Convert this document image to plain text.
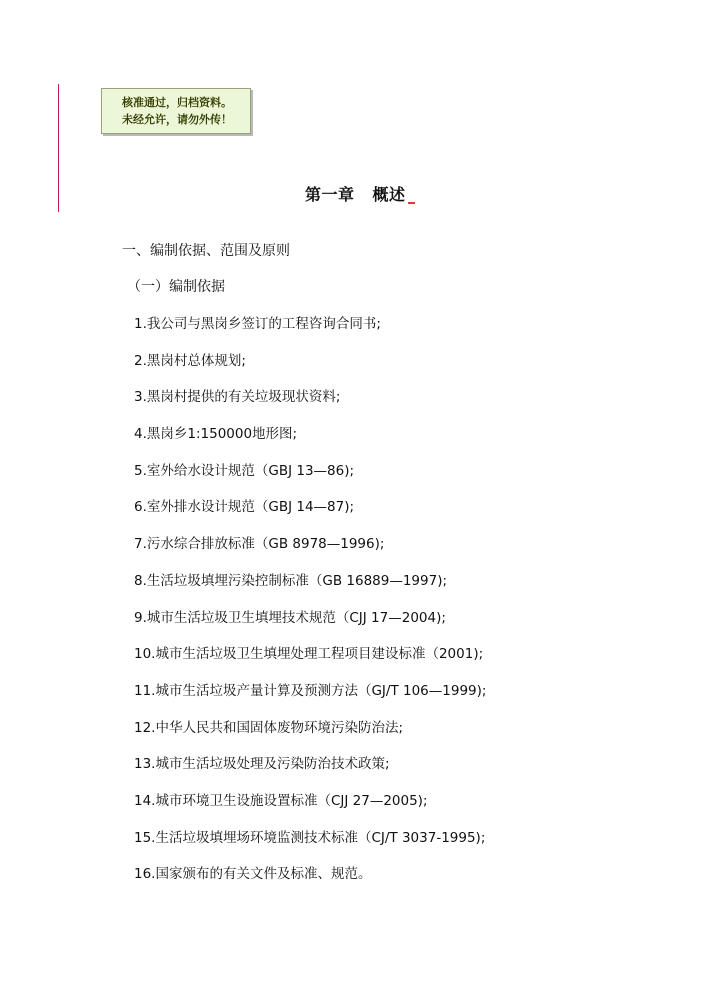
核准通过，归档资料。
未经允许，请勿外传！
第一章 概述
一、编制依据、范围及原则
（一）编制依据
1.我公司与黑岗乡签订的工程咨询合同书;
2.黑岗村总体规划;
3.黑岗村提供的有关垃圾现状资料;
4.黑岗乡1:150000地形图;
5.室外给水设计规范（GBJ 13—86);
6.室外排水设计规范（GBJ 14—87);
7.污水综合排放标准（GB 8978—1996);
8.生活垃圾填埋污染控制标准（GB 16889—1997);
9.城市生活垃圾卫生填埋技术规范（CJJ 17—2004);
10.城市生活垃圾卫生填埋处理工程项目建设标准（2001);
11.城市生活垃圾产量计算及预测方法（GJ/T 106—1999);
12.中华人民共和国固体废物环境污染防治法;
13.城市生活垃圾处理及污染防治技术政策;
14.城市环境卫生设施设置标准（CJJ 27—2005);
15.生活垃圾填埋场环境监测技术标准（CJ/T 3037-1995);
16.国家颁布的有关文件及标准、规范。
